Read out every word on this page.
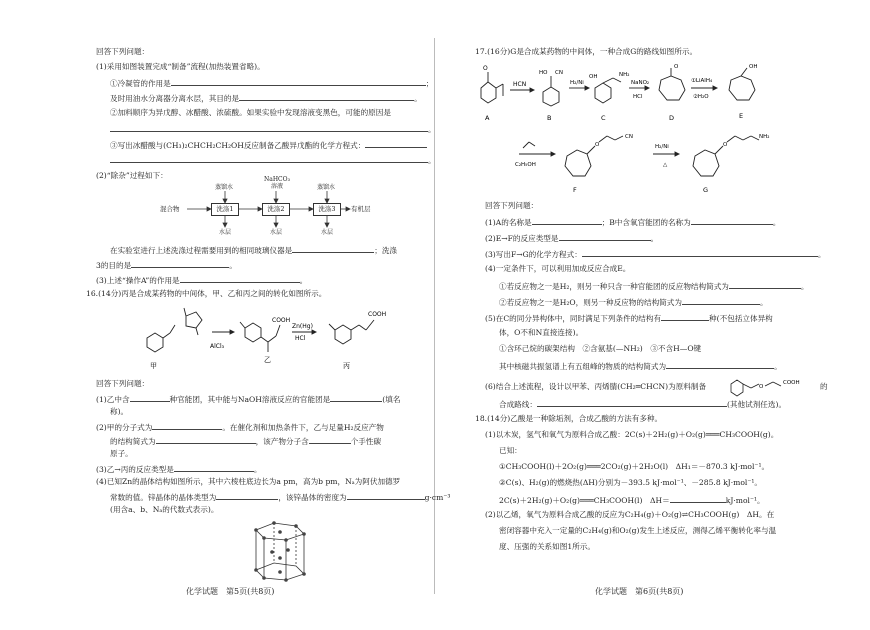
回答下列问题：
(1)采用如图装置完成“制备”流程(加热装置省略)。
①冷凝管的作用是	；
及时用油水分离器分离水层，其目的是	。
②加料顺序为异戊醇、冰醋酸、浓硫酸。如果实验中发现溶液变黑色，可能的原因是
。
③写出冰醋酸与(CH₃)₂CHCH₂CH₂OH反应制备乙酸异戊酯的化学方程式：
。
(2)“除杂”过程如下：
混合物	洗涤1	洗涤2	洗涤3	有机层
蒸馏水
NaHCO₃溶液	蒸馏水
水层	水层	水层
在实验室进行上述洗涤过程需要用到的相同玻璃仪器是	；洗涤
3的目的是	。
(3)上述“操作A”的作用是	。
16.(14分)丙是合成某药物的中间体，甲、乙和丙之间的转化如图所示。
甲
AlCl₃
乙
COOH
Zn(Hg)
HCl
COOH
丙
回答下列问题：
(1)乙中含	种官能团，其中能与NaOH溶液反应的官能团是	(填名
称)。
(2)甲的分子式为	。在催化剂和加热条件下，乙与足量H₂反应产物
的结构简式为	，该产物分子含	个手性碳
原子。
(3)乙→丙的反应类型是	。
(4)已知Zn的晶体结构如图所示，其中六棱柱底边长为a pm，高为b pm，Nₐ为阿伏加德罗
常数的值。锌晶体的晶体类型为	，该锌晶体的密度为	g·cm⁻³
(用含a、b、Nₐ的代数式表示)。
化学试题　第5页(共8页)
17.(16分)G是合成某药物的中间体，一种合成G的路线如图所示。
O
A
HCN
HO CN
B
H₂/Ni
OH	NH₂
C
NaNO₂
HCl
O
D
①LiAlH₄
②H₂O
OH
E
O
CN
C₂H₅OH
F
H₂/Ni
△
O
NH₂
G
回答下列问题：
(1)A的名称是	；B中含氧官能团的名称为	。
(2)E→F的反应类型是	。
(3)写出F→G的化学方程式：	。
(4)一定条件下，可以利用加成反应合成E。
①若反应物之一是H₂，则另一种只含一种官能团的反应物结构简式为	。
②若反应物之一是H₂O，则另一种反应物的结构简式为	。
(5)在C的同分异构体中，同时满足下列条件的结构有	种(不包括立体异构
体，O不和N直接连接)。
①含环己烷的碳架结构　②含氨基(—NH₂)　③不含H—O键
其中核磁共振氢谱上有五组峰的物质的结构简式为	。
(6)结合上述流程，设计以甲苯、丙烯腈(CH₂═CHCN)为原料制备	O
COOH	的
合成路线：	(其他试剂任选)。
18.(14分)乙酸是一种除垢剂，合成乙酸的方法有多种。
(1)以木炭，氢气和氧气为原料合成乙酸：2C(s)＋2H₂(g)＋O₂(g)═══CH₃COOH(g)。
已知：
①CH₃COOH(l)＋2O₂(g)═══2CO₂(g)＋2H₂O(l)　ΔH₁＝－870.3 kJ·mol⁻¹。
②C(s)、H₂(g)的燃烧热(ΔH)分别为－393.5 kJ·mol⁻¹、－285.8 kJ·mol⁻¹。
2C(s)＋2H₂(g)＋O₂(g)═══CH₃COOH(l)　ΔH＝	kJ·mol⁻¹。
(2)以乙烯，氧气为原料合成乙酸的反应为C₂H₄(g)＋O₂(g)⇌CH₃COOH(g)　ΔH。在
密闭容器中充入一定量的C₂H₄(g)和O₂(g)发生上述反应，测得乙烯平衡转化率与温
度、压强的关系如图1所示。
化学试题　第6页(共8页)
